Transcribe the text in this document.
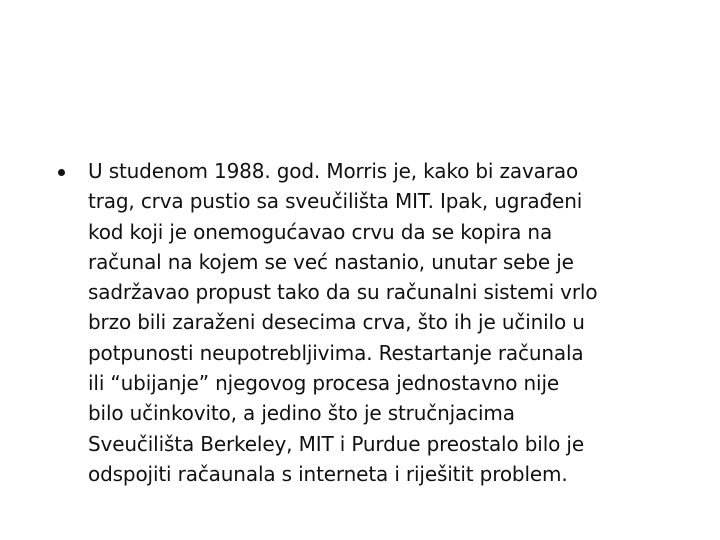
U studenom 1988. god. Morris je, kako bi zavarao
trag, crva pustio sa sveučilišta MIT. Ipak, ugrađeni
kod koji je onemogućavao crvu da se kopira na
računal na kojem se već nastanio, unutar sebe je
sadržavao propust tako da su računalni sistemi vrlo
brzo bili zaraženi desecima crva, što ih je učinilo u
potpunosti neupotrebljivima. Restartanje računala
ili “ubijanje” njegovog procesa jednostavno nije
bilo učinkovito, a jedino što je stručnjacima
Sveučilišta Berkeley, MIT i Purdue preostalo bilo je
odspojiti račaunala s interneta i riješitit problem.
